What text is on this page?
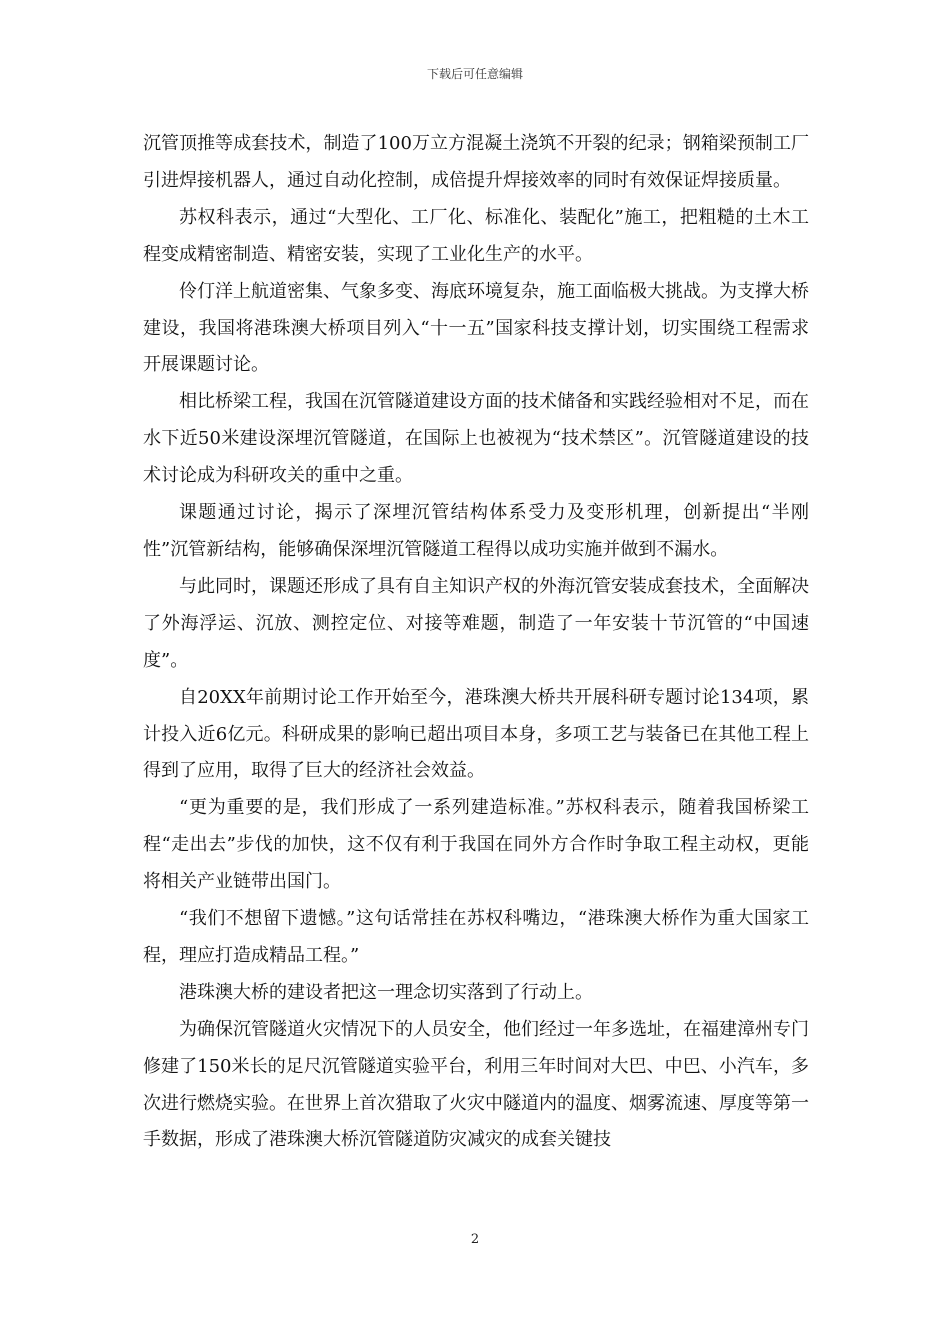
下载后可任意编辑

沉管顶推等成套技术，制造了100万立方混凝土浇筑不开裂的纪录；钢箱梁预制工厂引进焊接机器人，通过自动化控制，成倍提升焊接效率的同时有效保证焊接质量。

苏权科表示，通过“大型化、工厂化、标准化、装配化”施工，把粗糙的土木工程变成精密制造、精密安装，实现了工业化生产的水平。

伶仃洋上航道密集、气象多变、海底环境复杂，施工面临极大挑战。为支撑大桥建设，我国将港珠澳大桥项目列入“十一五”国家科技支撑计划，切实围绕工程需求开展课题讨论。

相比桥梁工程，我国在沉管隧道建设方面的技术储备和实践经验相对不足，而在水下近50米建设深埋沉管隧道，在国际上也被视为“技术禁区”。沉管隧道建设的技术讨论成为科研攻关的重中之重。

课题通过讨论，揭示了深埋沉管结构体系受力及变形机理，创新提出“半刚性”沉管新结构，能够确保深埋沉管隧道工程得以成功实施并做到不漏水。

与此同时，课题还形成了具有自主知识产权的外海沉管安装成套技术，全面解决了外海浮运、沉放、测控定位、对接等难题，制造了一年安装十节沉管的“中国速度”。

自20XX年前期讨论工作开始至今，港珠澳大桥共开展科研专题讨论134项，累计投入近6亿元。科研成果的影响已超出项目本身，多项工艺与装备已在其他工程上得到了应用，取得了巨大的经济社会效益。

“更为重要的是，我们形成了一系列建造标准。”苏权科表示，随着我国桥梁工程“走出去”步伐的加快，这不仅有利于我国在同外方合作时争取工程主动权，更能将相关产业链带出国门。

“我们不想留下遗憾。”这句话常挂在苏权科嘴边，“港珠澳大桥作为重大国家工程，理应打造成精品工程。”

港珠澳大桥的建设者把这一理念切实落到了行动上。

为确保沉管隧道火灾情况下的人员安全，他们经过一年多选址，在福建漳州专门修建了150米长的足尺沉管隧道实验平台，利用三年时间对大巴、中巴、小汽车，多次进行燃烧实验。在世界上首次猎取了火灾中隧道内的温度、烟雾流速、厚度等第一手数据，形成了港珠澳大桥沉管隧道防灾减灾的成套关键技

2
